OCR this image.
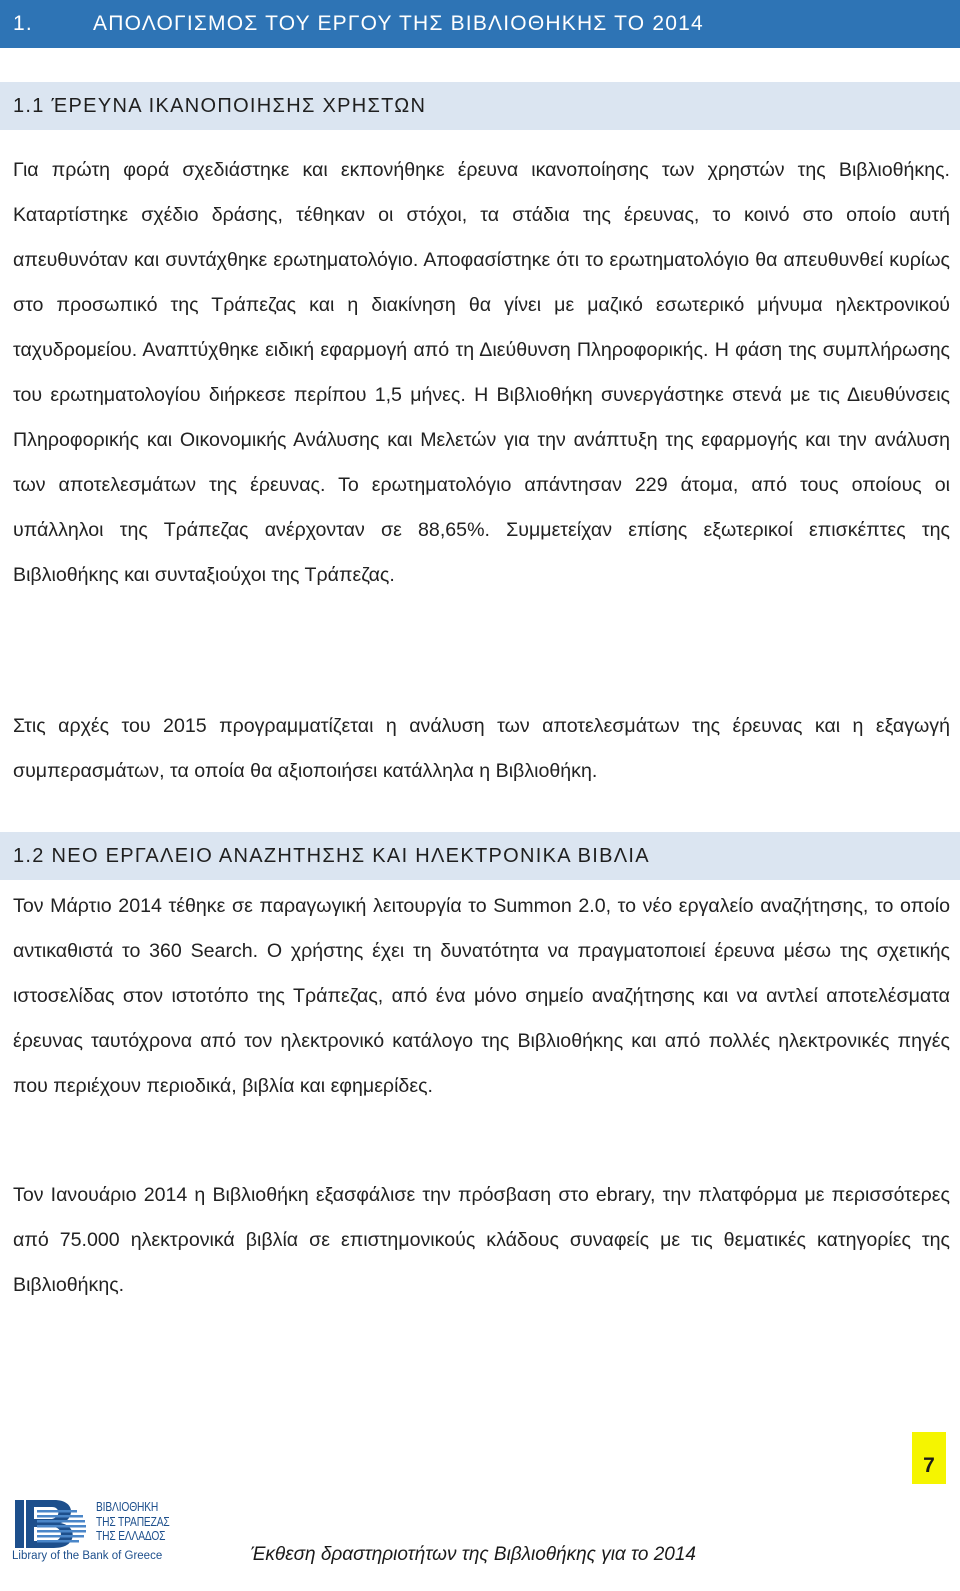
1.	ΑΠΟΛΟΓΙΣΜΟΣ ΤΟΥ ΕΡΓΟΥ ΤΗΣ ΒΙΒΛΙΟΘΗΚΗΣ ΤΟ 2014
1.1 ΈΡΕΥΝΑ ΙΚΑΝΟΠΟΙΗΣΗΣ ΧΡΗΣΤΩΝ

Για πρώτη φορά σχεδιάστηκε και εκπονήθηκε έρευνα ικανοποίησης των χρηστών της Βιβλιοθήκης. Καταρτίστηκε σχέδιο δράσης, τέθηκαν οι στόχοι, τα στάδια της έρευνας, το κοινό στο οποίο αυτή απευθυνόταν και συντάχθηκε ερωτηματολόγιο. Αποφασίστηκε ότι το ερωτηματολόγιο θα απευθυνθεί κυρίως στο προσωπικό της Τράπεζας και η διακίνηση θα γίνει με μαζικό εσωτερικό μήνυμα ηλεκτρονικού ταχυδρομείου. Αναπτύχθηκε ειδική εφαρμογή από τη Διεύθυνση Πληροφορικής. Η φάση της συμπλήρωσης του ερωτηματολογίου διήρκεσε περίπου 1,5 μήνες. Η Βιβλιοθήκη συνεργάστηκε στενά με τις Διευθύνσεις Πληροφορικής και Οικονομικής Ανάλυσης και Μελετών για την ανάπτυξη της εφαρμογής και την ανάλυση των αποτελεσμάτων της έρευνας. Το ερωτηματολόγιο απάντησαν 229 άτομα, από τους οποίους οι υπάλληλοι της Τράπεζας ανέρχονταν σε 88,65%. Συμμετείχαν επίσης εξωτερικοί επισκέπτες της Βιβλιοθήκης και συνταξιούχοι της Τράπεζας.

Στις αρχές του 2015 προγραμματίζεται η ανάλυση των αποτελεσμάτων της έρευνας και η εξαγωγή συμπερασμάτων, τα οποία θα αξιοποιήσει κατάλληλα η Βιβλιοθήκη.

1.2 ΝΕΟ ΕΡΓΑΛΕΙΟ ΑΝΑΖΗΤΗΣΗΣ ΚΑΙ ΗΛΕΚΤΡΟΝΙΚΑ ΒΙΒΛΙΑ

Τον Μάρτιο 2014 τέθηκε σε παραγωγική λειτουργία το Summon 2.0, το νέο εργαλείο αναζήτησης, το οποίο αντικαθιστά το 360 Search. Ο χρήστης έχει τη δυνατότητα να πραγματοποιεί έρευνα μέσω της σχετικής ιστοσελίδας στον ιστοτόπο της Τράπεζας, από ένα μόνο σημείο αναζήτησης και να αντλεί αποτελέσματα έρευνας ταυτόχρονα από τον ηλεκτρονικό κατάλογο της Βιβλιοθήκης και από πολλές ηλεκτρονικές πηγές που περιέχουν περιοδικά, βιβλία και εφημερίδες.

Τον Ιανουάριο 2014 η Βιβλιοθήκη εξασφάλισε την πρόσβαση στο ebrary, την πλατφόρμα με περισσότερες από 75.000 ηλεκτρονικά βιβλία σε επιστημονικούς κλάδους συναφείς με τις θεματικές κατηγορίες της Βιβλιοθήκης.

7
ΒΙΒΛΙΟΘΗΚΗ
ΤΗΣ ΤΡΑΠΕΖΑΣ
ΤΗΣ ΕΛΛΑΔΟΣ
Library of the Bank of Greece	Έκθεση δραστηριοτήτων της Βιβλιοθήκης για το 2014
